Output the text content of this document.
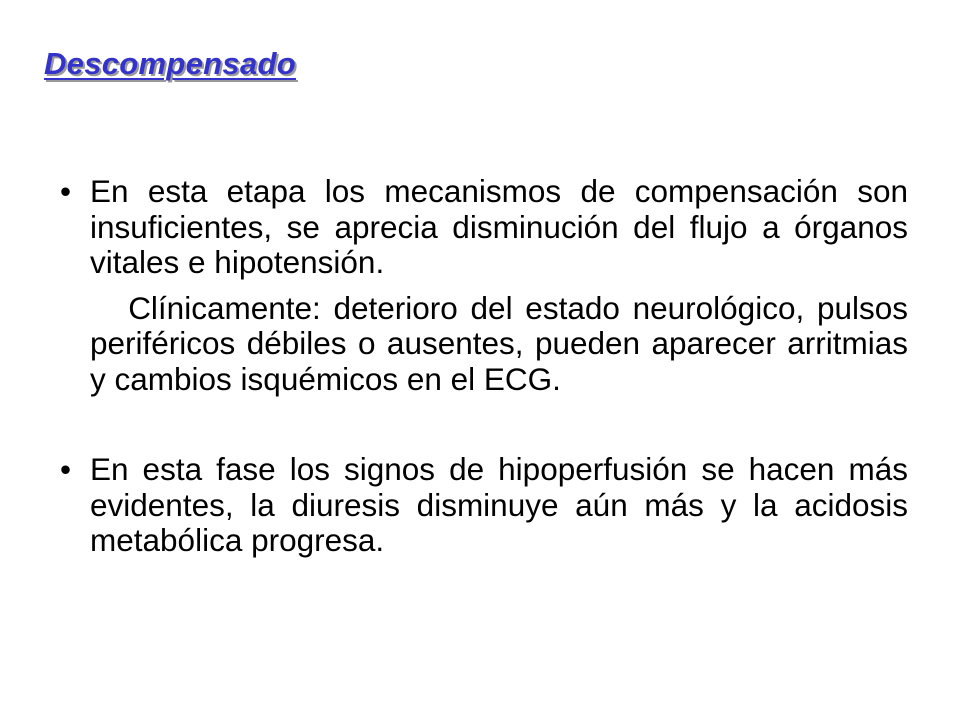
Descompensado
• En esta etapa los mecanismos de compensación son insuficientes, se aprecia disminución del flujo a órganos vitales e hipotensión.
Clínicamente: deterioro del estado neurológico, pulsos periféricos débiles o ausentes, pueden aparecer arritmias y cambios isquémicos en el ECG.
• En esta fase los signos de hipoperfusión se hacen más evidentes, la diuresis disminuye aún más y la acidosis metabólica progresa.
